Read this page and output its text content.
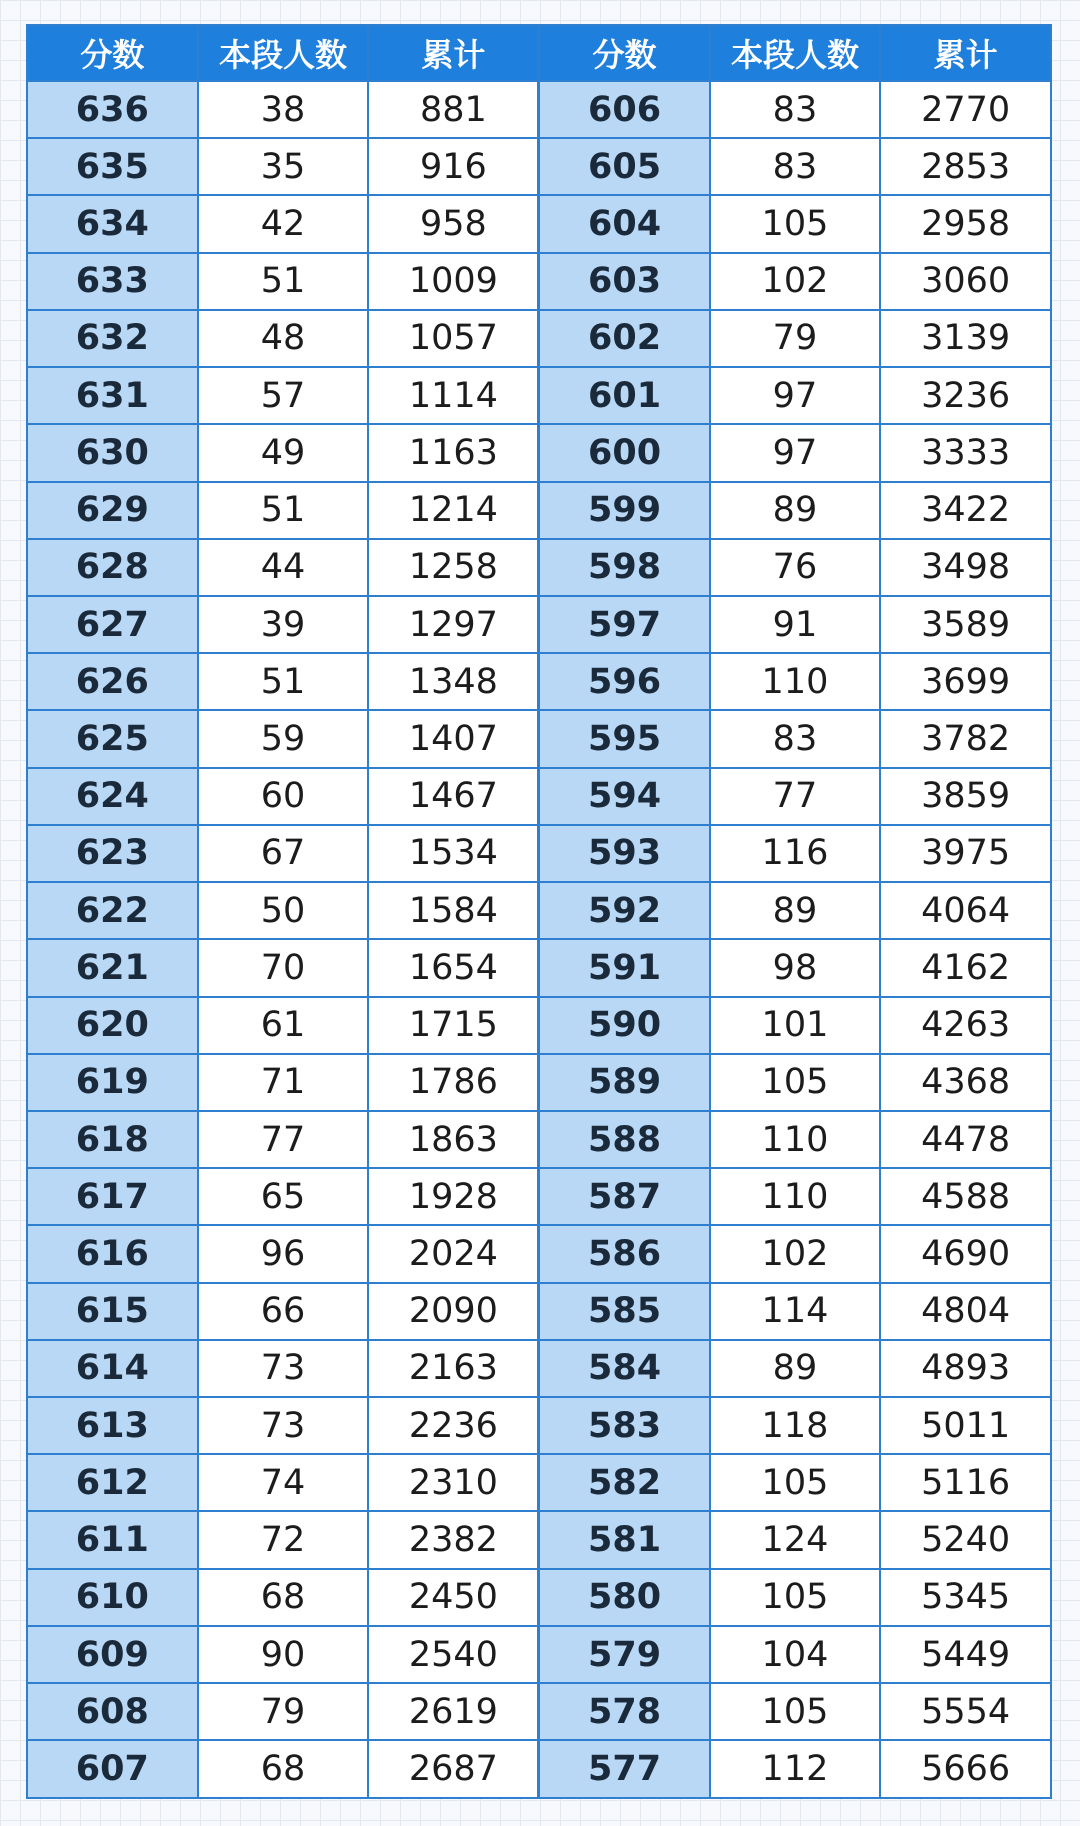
分数	本段人数	累计	分数	本段人数	累计
636	38	881	606	83	2770
635	35	916	605	83	2853
634	42	958	604	105	2958
633	51	1009	603	102	3060
632	48	1057	602	79	3139
631	57	1114	601	97	3236
630	49	1163	600	97	3333
629	51	1214	599	89	3422
628	44	1258	598	76	3498
627	39	1297	597	91	3589
626	51	1348	596	110	3699
625	59	1407	595	83	3782
624	60	1467	594	77	3859
623	67	1534	593	116	3975
622	50	1584	592	89	4064
621	70	1654	591	98	4162
620	61	1715	590	101	4263
619	71	1786	589	105	4368
618	77	1863	588	110	4478
617	65	1928	587	110	4588
616	96	2024	586	102	4690
615	66	2090	585	114	4804
614	73	2163	584	89	4893
613	73	2236	583	118	5011
612	74	2310	582	105	5116
611	72	2382	581	124	5240
610	68	2450	580	105	5345
609	90	2540	579	104	5449
608	79	2619	578	105	5554
607	68	2687	577	112	5666
